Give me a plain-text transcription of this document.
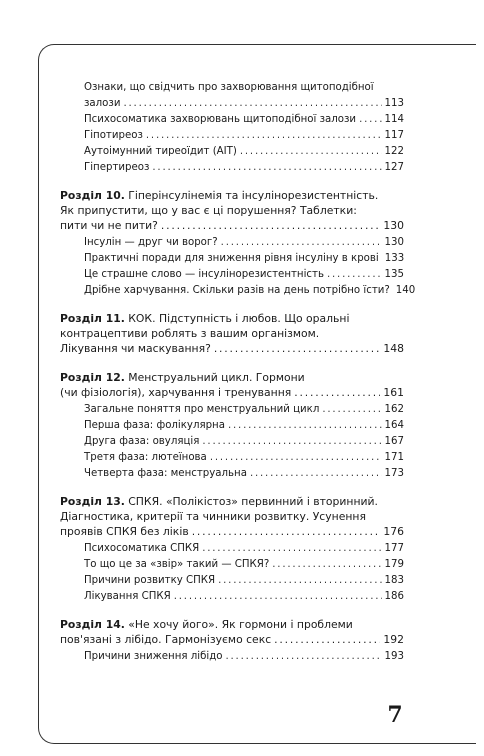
Ознаки, що свідчить про захворювання щитоподібної
залози .....	113
Психосоматика захворювань щитоподібної залози .....	114
Гіпотиреоз .....	117
Аутоімунний тиреоїдит (АІТ) .....	122
Гіпертиреоз .....	127
Розділ 10. Гіперінсулінемія та інсулінорезистентність.
Як припустити, що у вас є ці порушення? Таблетки:
пити чи не пити? .....	130
Інсулін — друг чи ворог? .....	130
Практичні поради для зниження рівня інсуліну в крові 133
Це страшне слово — інсулінорезистентність .....	135
Дрібне харчування. Скільки разів на день потрібно їсти? 140
Розділ 11. КОК. Підступність і любов. Що оральні
контрацептиви роблять з вашим організмом.
Лікування чи маскування? .....	148
Розділ 12. Менструальний цикл. Гормони
(чи фізіологія), харчування і тренування .....	161
Загальне поняття про менструальний цикл .....	162
Перша фаза: фолікулярна .....	164
Друга фаза: овуляція .....	167
Третя фаза: лютеїнова .....	171
Четверта фаза: менструальна .....	173
Розділ 13. СПКЯ. «Полікістоз» первинний і вторинний.
Діагностика, критерії та чинники розвитку. Усунення
проявів СПКЯ без ліків .....	176
Психосоматика СПКЯ .....	177
То що це за «звір» такий — СПКЯ? .....	179
Причини розвитку СПКЯ .....	183
Лікування СПКЯ .....	186
Розділ 14. «Не хочу його». Як гормони і проблеми
пов'язані з лібідо. Гармонізуємо секс .....	192
Причини зниження лібідо .....	193
7
